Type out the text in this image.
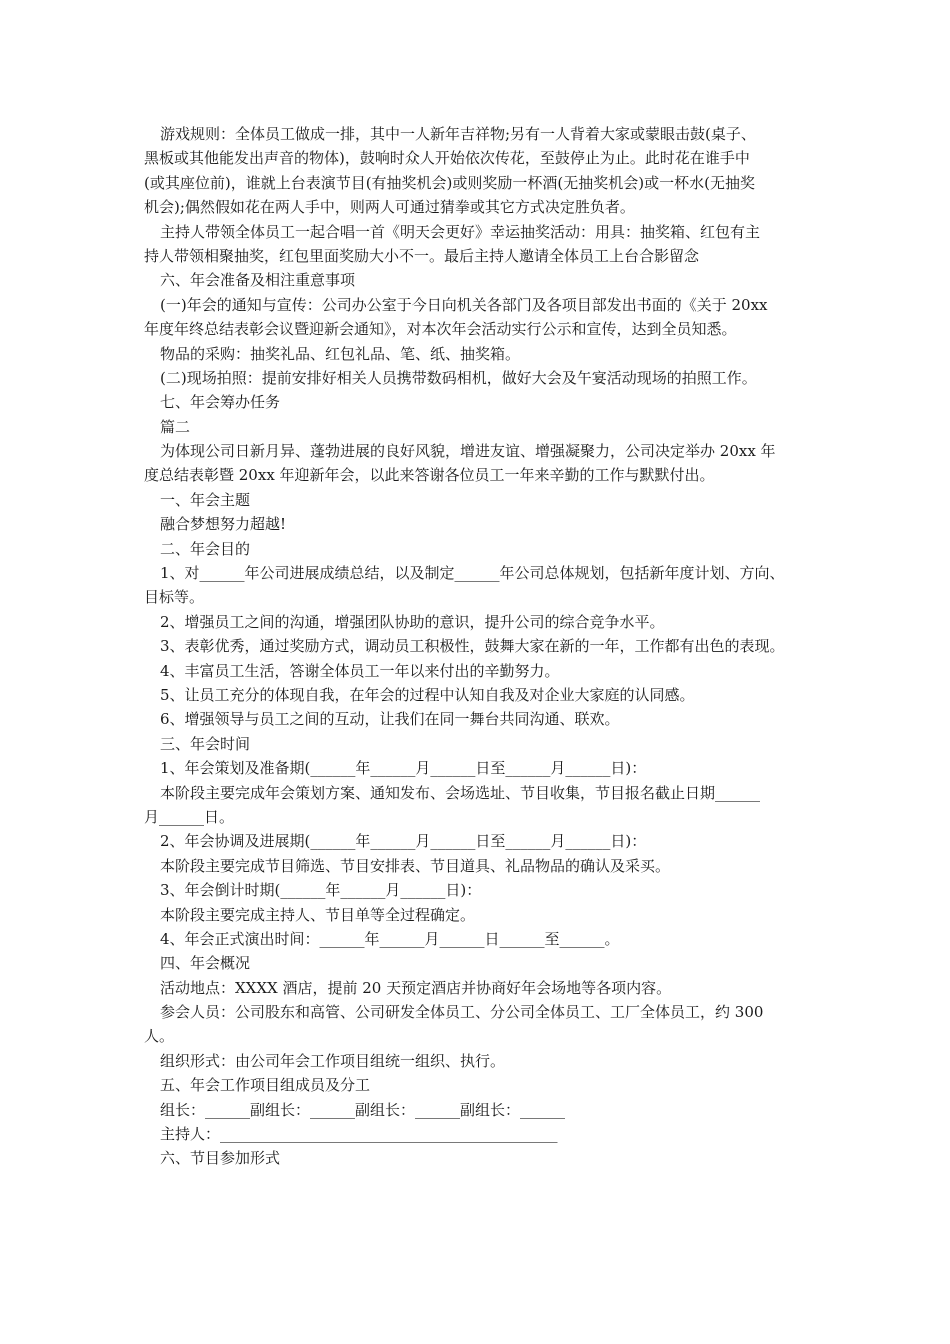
游戏规则：全体员工做成一排，其中一人新年吉祥物;另有一人背着大家或蒙眼击鼓(桌子、
黑板或其他能发出声音的物体)，鼓响时众人开始依次传花，至鼓停止为止。此时花在谁手中
(或其座位前)，谁就上台表演节目(有抽奖机会)或则奖励一杯酒(无抽奖机会)或一杯水(无抽奖
机会);偶然假如花在两人手中，则两人可通过猜拳或其它方式决定胜负者。
主持人带领全体员工一起合唱一首《明天会更好》幸运抽奖活动：用具：抽奖箱、红包有主
持人带领相聚抽奖，红包里面奖励大小不一。最后主持人邀请全体员工上台合影留念
六、年会准备及相注重意事项
(一)年会的通知与宣传：公司办公室于今日向机关各部门及各项目部发出书面的《关于 20xx
年度年终总结表彰会议暨迎新会通知》，对本次年会活动实行公示和宣传，达到全员知悉。
物品的采购：抽奖礼品、红包礼品、笔、纸、抽奖箱。
(二)现场拍照：提前安排好相关人员携带数码相机，做好大会及午宴活动现场的拍照工作。
七、年会筹办任务
篇二
为体现公司日新月异、蓬勃进展的良好风貌，增进友谊、增强凝聚力，公司决定举办 20xx 年
度总结表彰暨 20xx 年迎新年会，以此来答谢各位员工一年来辛勤的工作与默默付出。
一、年会主题
融合梦想努力超越!
二、年会目的
1、对______年公司进展成绩总结，以及制定______年公司总体规划，包括新年度计划、方向、
目标等。
2、增强员工之间的沟通，增强团队协助的意识，提升公司的综合竞争水平。
3、表彰优秀，通过奖励方式，调动员工积极性，鼓舞大家在新的一年，工作都有出色的表现。
4、丰富员工生活，答谢全体员工一年以来付出的辛勤努力。
5、让员工充分的体现自我，在年会的过程中认知自我及对企业大家庭的认同感。
6、增强领导与员工之间的互动，让我们在同一舞台共同沟通、联欢。
三、年会时间
1、年会策划及准备期(______年______月______日至______月______日)：
本阶段主要完成年会策划方案、通知发布、会场选址、节目收集，节目报名截止日期______
月______日。
2、年会协调及进展期(______年______月______日至______月______日)：
本阶段主要完成节目筛选、节目安排表、节目道具、礼品物品的确认及采买。
3、年会倒计时期(______年______月______日)：
本阶段主要完成主持人、节目单等全过程确定。
4、年会正式演出时间：______年______月______日______至______。
四、年会概况
活动地点：XXXX 酒店，提前 20 天预定酒店并协商好年会场地等各项内容。
参会人员：公司股东和高管、公司研发全体员工、分公司全体员工、工厂全体员工，约 300
人。
组织形式：由公司年会工作项目组统一组织、执行。
五、年会工作项目组成员及分工
组长：______副组长：______副组长：______副组长：______
主持人：_____________________________________________
六、节目参加形式
